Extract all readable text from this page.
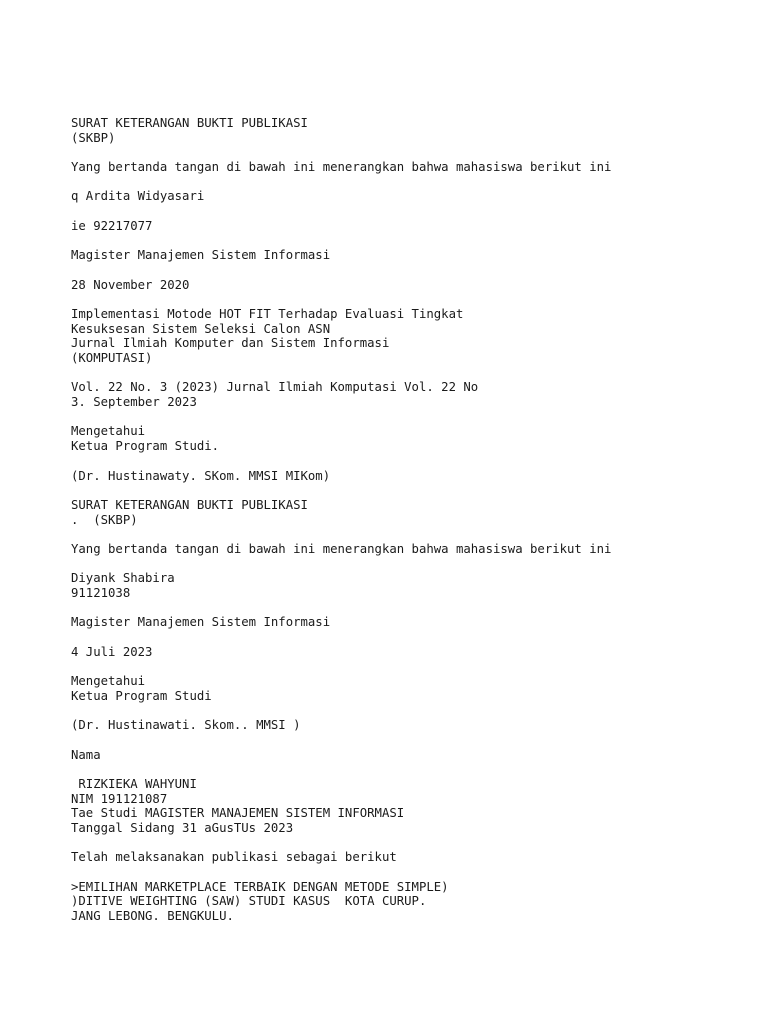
SURAT KETERANGAN BUKTI PUBLIKASI
(SKBP)
Yang bertanda tangan di bawah ini menerangkan bahwa mahasiswa berikut ini
q Ardita Widyasari
ie 92217077
Magister Manajemen Sistem Informasi
28 November 2020
Implementasi Motode HOT FIT Terhadap Evaluasi Tingkat
Kesuksesan Sistem Seleksi Calon ASN
Jurnal Ilmiah Komputer dan Sistem Informasi
(KOMPUTASI)
Vol. 22 No. 3 (2023) Jurnal Ilmiah Komputasi Vol. 22 No
3. September 2023
Mengetahui
Ketua Program Studi.
(Dr. Hustinawaty. SKom. MMSI MIKom)
SURAT KETERANGAN BUKTI PUBLIKASI
.  (SKBP)
Yang bertanda tangan di bawah ini menerangkan bahwa mahasiswa berikut ini
Diyank Shabira
91121038
Magister Manajemen Sistem Informasi
4 Juli 2023
Mengetahui
Ketua Program Studi
(Dr. Hustinawati. Skom.. MMSI )
Nama
RIZKIEKA WAHYUNI
NIM 191121087
Tae Studi MAGISTER MANAJEMEN SISTEM INFORMASI
Tanggal Sidang 31 aGusTUs 2023
Telah melaksanakan publikasi sebagai berikut
>EMILIHAN MARKETPLACE TERBAIK DENGAN METODE SIMPLE)
)DITIVE WEIGHTING (SAW) STUDI KASUS  KOTA CURUP.
JANG LEBONG. BENGKULU.
